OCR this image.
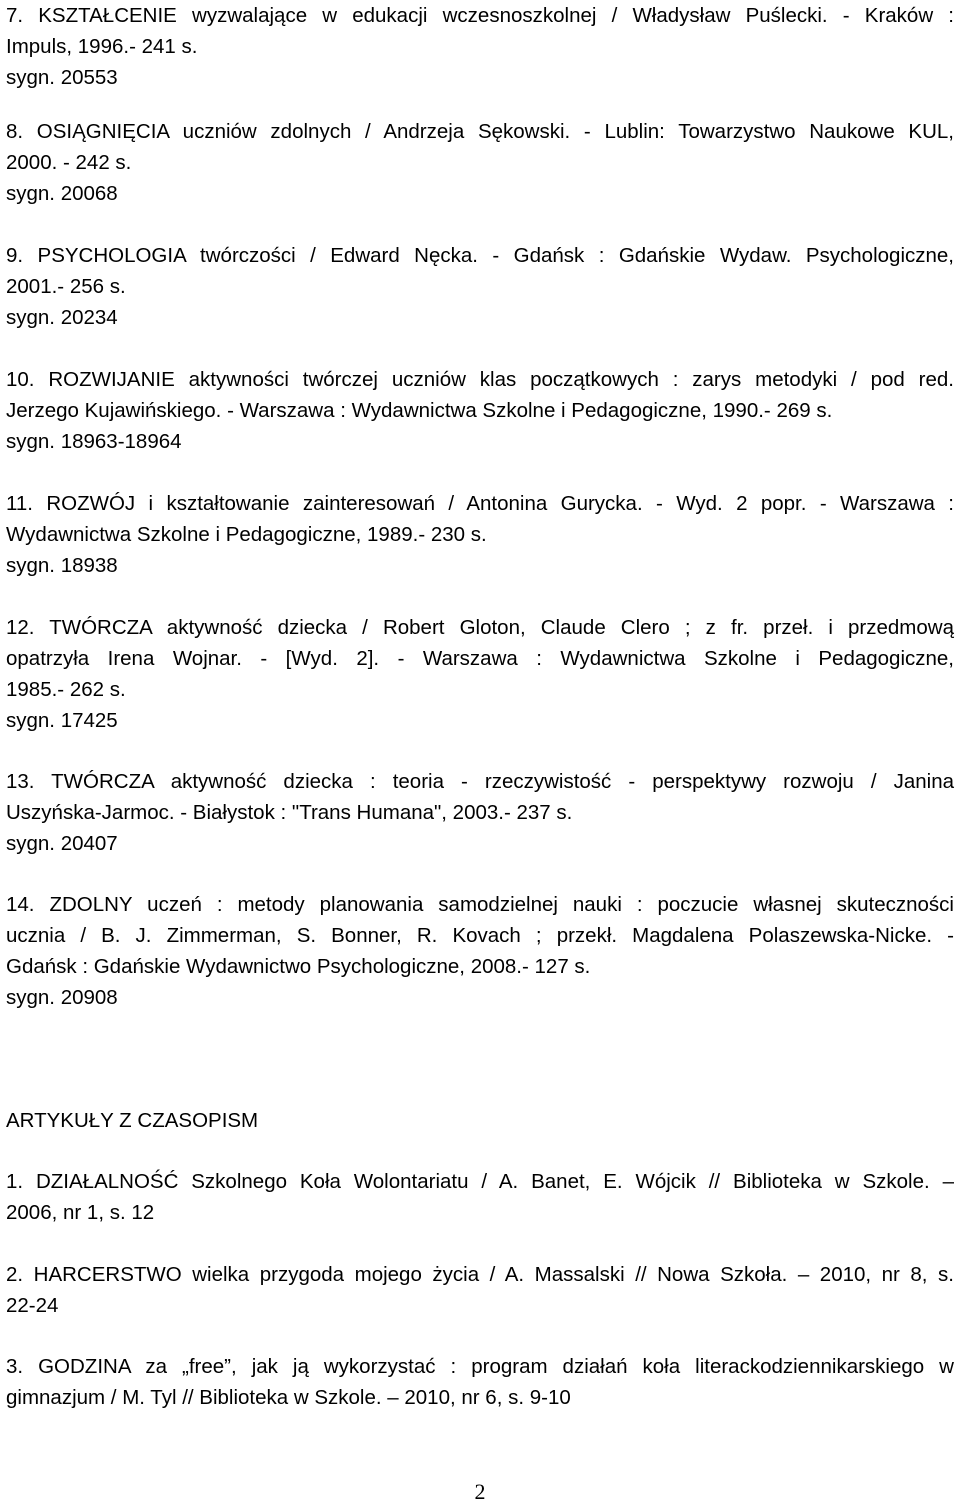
7. KSZTAŁCENIE wyzwalające w edukacji wczesnoszkolnej / Władysław Puślecki. - Kraków :
Impuls, 1996.- 241 s.
sygn. 20553
8. OSIĄGNIĘCIA uczniów zdolnych / Andrzeja Sękowski. - Lublin: Towarzystwo Naukowe KUL,
2000. - 242 s.
sygn. 20068
9. PSYCHOLOGIA twórczości / Edward Nęcka. - Gdańsk : Gdańskie Wydaw. Psychologiczne,
2001.- 256 s.
sygn. 20234
10. ROZWIJANIE aktywności twórczej uczniów klas początkowych : zarys metodyki / pod red.
Jerzego Kujawińskiego. - Warszawa : Wydawnictwa Szkolne i Pedagogiczne, 1990.- 269 s.
sygn. 18963-18964
11. ROZWÓJ i kształtowanie zainteresowań / Antonina Gurycka. - Wyd. 2 popr. - Warszawa :
Wydawnictwa Szkolne i Pedagogiczne, 1989.- 230 s.
sygn. 18938
12. TWÓRCZA aktywność dziecka / Robert Gloton, Claude Clero ; z fr. przeł. i przedmową
opatrzyła Irena Wojnar. - [Wyd. 2]. - Warszawa : Wydawnictwa Szkolne i Pedagogiczne,
1985.- 262 s.
sygn. 17425
13. TWÓRCZA aktywność dziecka : teoria - rzeczywistość - perspektywy rozwoju / Janina
Uszyńska-Jarmoc. - Białystok : "Trans Humana", 2003.- 237 s.
sygn. 20407
14. ZDOLNY uczeń : metody planowania samodzielnej nauki : poczucie własnej skuteczności
ucznia / B. J. Zimmerman, S. Bonner, R. Kovach ; przekł. Magdalena Polaszewska-Nicke. -
Gdańsk : Gdańskie Wydawnictwo Psychologiczne, 2008.- 127 s.
sygn. 20908
ARTYKUŁY Z CZASOPISM
1. DZIAŁALNOŚĆ Szkolnego Koła Wolontariatu / A. Banet, E. Wójcik // Biblioteka w Szkole. –
2006, nr 1, s. 12
2. HARCERSTWO wielka przygoda mojego życia / A. Massalski // Nowa Szkoła. – 2010, nr 8, s.
22-24
3. GODZINA za „free”, jak ją wykorzystać : program działań koła literackodziennikarskiego w
gimnazjum / M. Tyl // Biblioteka w Szkole. – 2010, nr 6, s. 9-10
2
